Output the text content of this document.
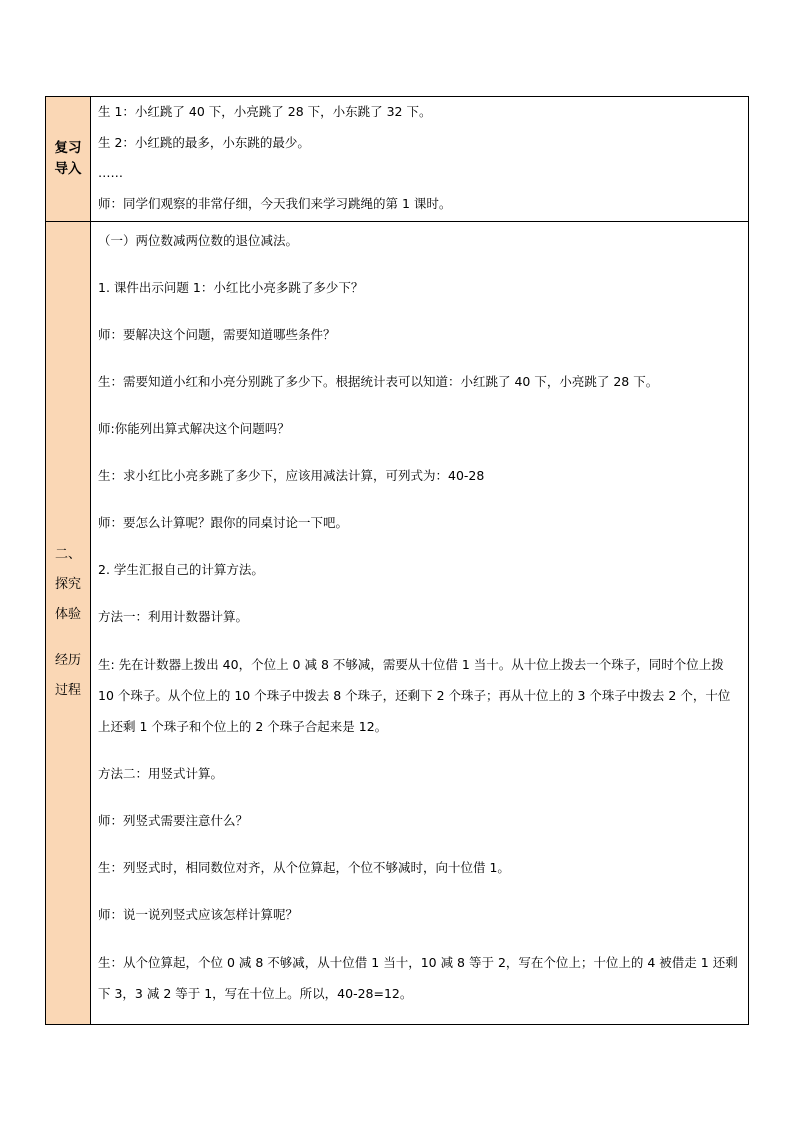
复习
导入

生 1：小红跳了 40 下，小亮跳了 28 下，小东跳了 32 下。

生 2：小红跳的最多，小东跳的最少。

……

师：同学们观察的非常仔细，今天我们来学习跳绳的第 1 课时。

二、
探究
体验
经历
过程

（一）两位数减两位数的退位减法。

1. 课件出示问题 1：小红比小亮多跳了多少下？

师：要解决这个问题，需要知道哪些条件？

生：需要知道小红和小亮分别跳了多少下。根据统计表可以知道：小红跳了 40 下，小亮跳了 28 下。

师:你能列出算式解决这个问题吗？

生：求小红比小亮多跳了多少下，应该用减法计算，可列式为：40-28

师：要怎么计算呢？跟你的同桌讨论一下吧。

2. 学生汇报自己的计算方法。

方法一：利用计数器计算。

生: 先在计数器上拨出 40，个位上 0 减 8 不够减，需要从十位借 1 当十。从十位上拨去一个珠子，同时个位上拨 10 个珠子。从个位上的 10 个珠子中拨去 8 个珠子，还剩下 2 个珠子；再从十位上的 3 个珠子中拨去 2 个，十位上还剩 1 个珠子和个位上的 2 个珠子合起来是 12。

方法二：用竖式计算。

师：列竖式需要注意什么？

生：列竖式时，相同数位对齐，从个位算起，个位不够减时，向十位借 1。

师：说一说列竖式应该怎样计算呢？

生：从个位算起，个位 0 减 8 不够减，从十位借 1 当十，10 减 8 等于 2，写在个位上；十位上的 4 被借走 1 还剩下 3，3 减 2 等于 1，写在十位上。所以，40-28=12。
